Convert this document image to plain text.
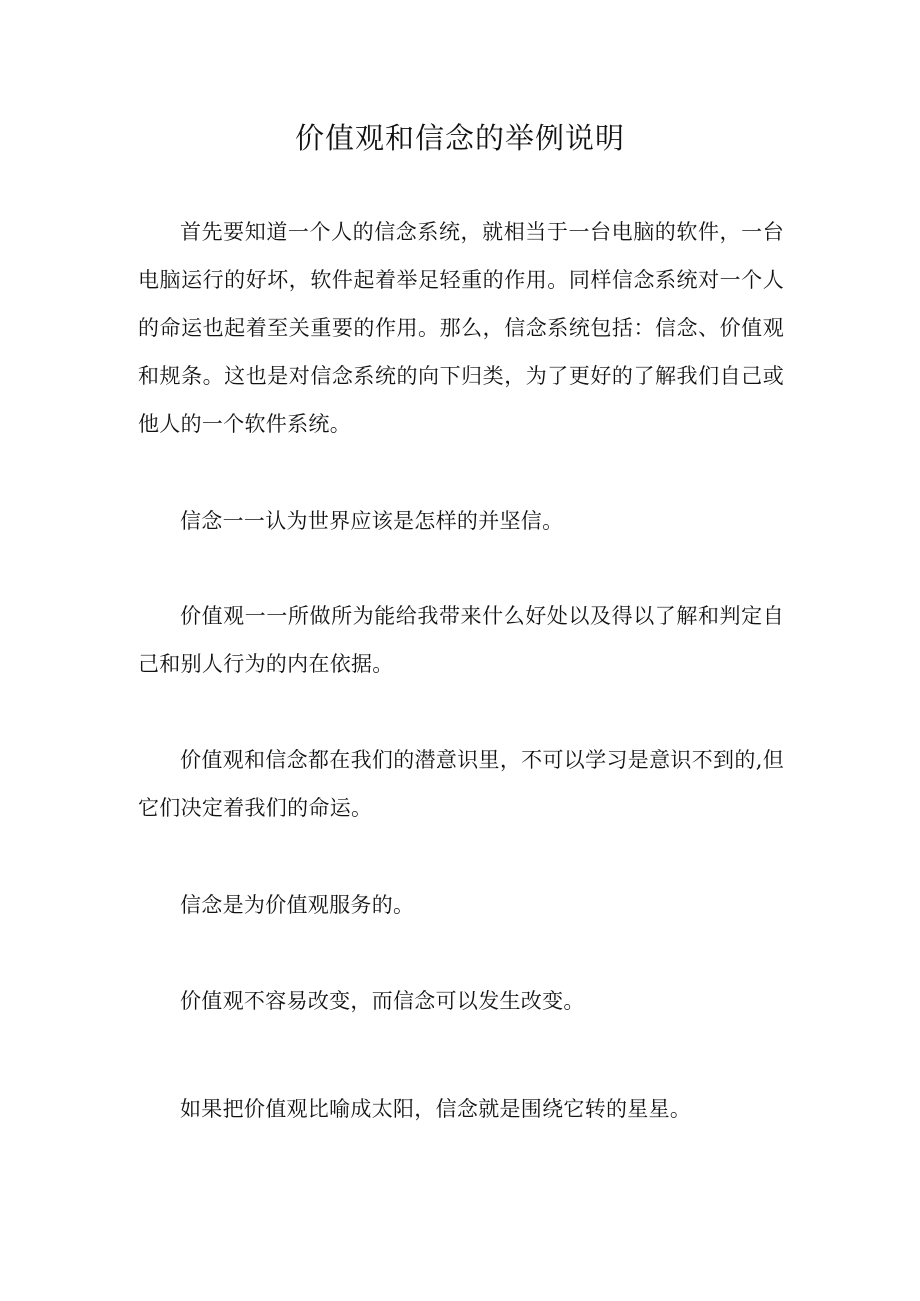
价值观和信念的举例说明

首先要知道一个人的信念系统，就相当于一台电脑的软件，一台电脑运行的好坏，软件起着举足轻重的作用。同样信念系统对一个人的命运也起着至关重要的作用。那么，信念系统包括：信念、价值观和规条。这也是对信念系统的向下归类，为了更好的了解我们自己或他人的一个软件系统。

信念一一认为世界应该是怎样的并坚信。

价值观一一所做所为能给我带来什么好处以及得以了解和判定自己和别人行为的内在依据。

价值观和信念都在我们的潜意识里，不可以学习是意识不到的,但它们决定着我们的命运。

信念是为价值观服务的。

价值观不容易改变，而信念可以发生改变。

如果把价值观比喻成太阳，信念就是围绕它转的星星。
